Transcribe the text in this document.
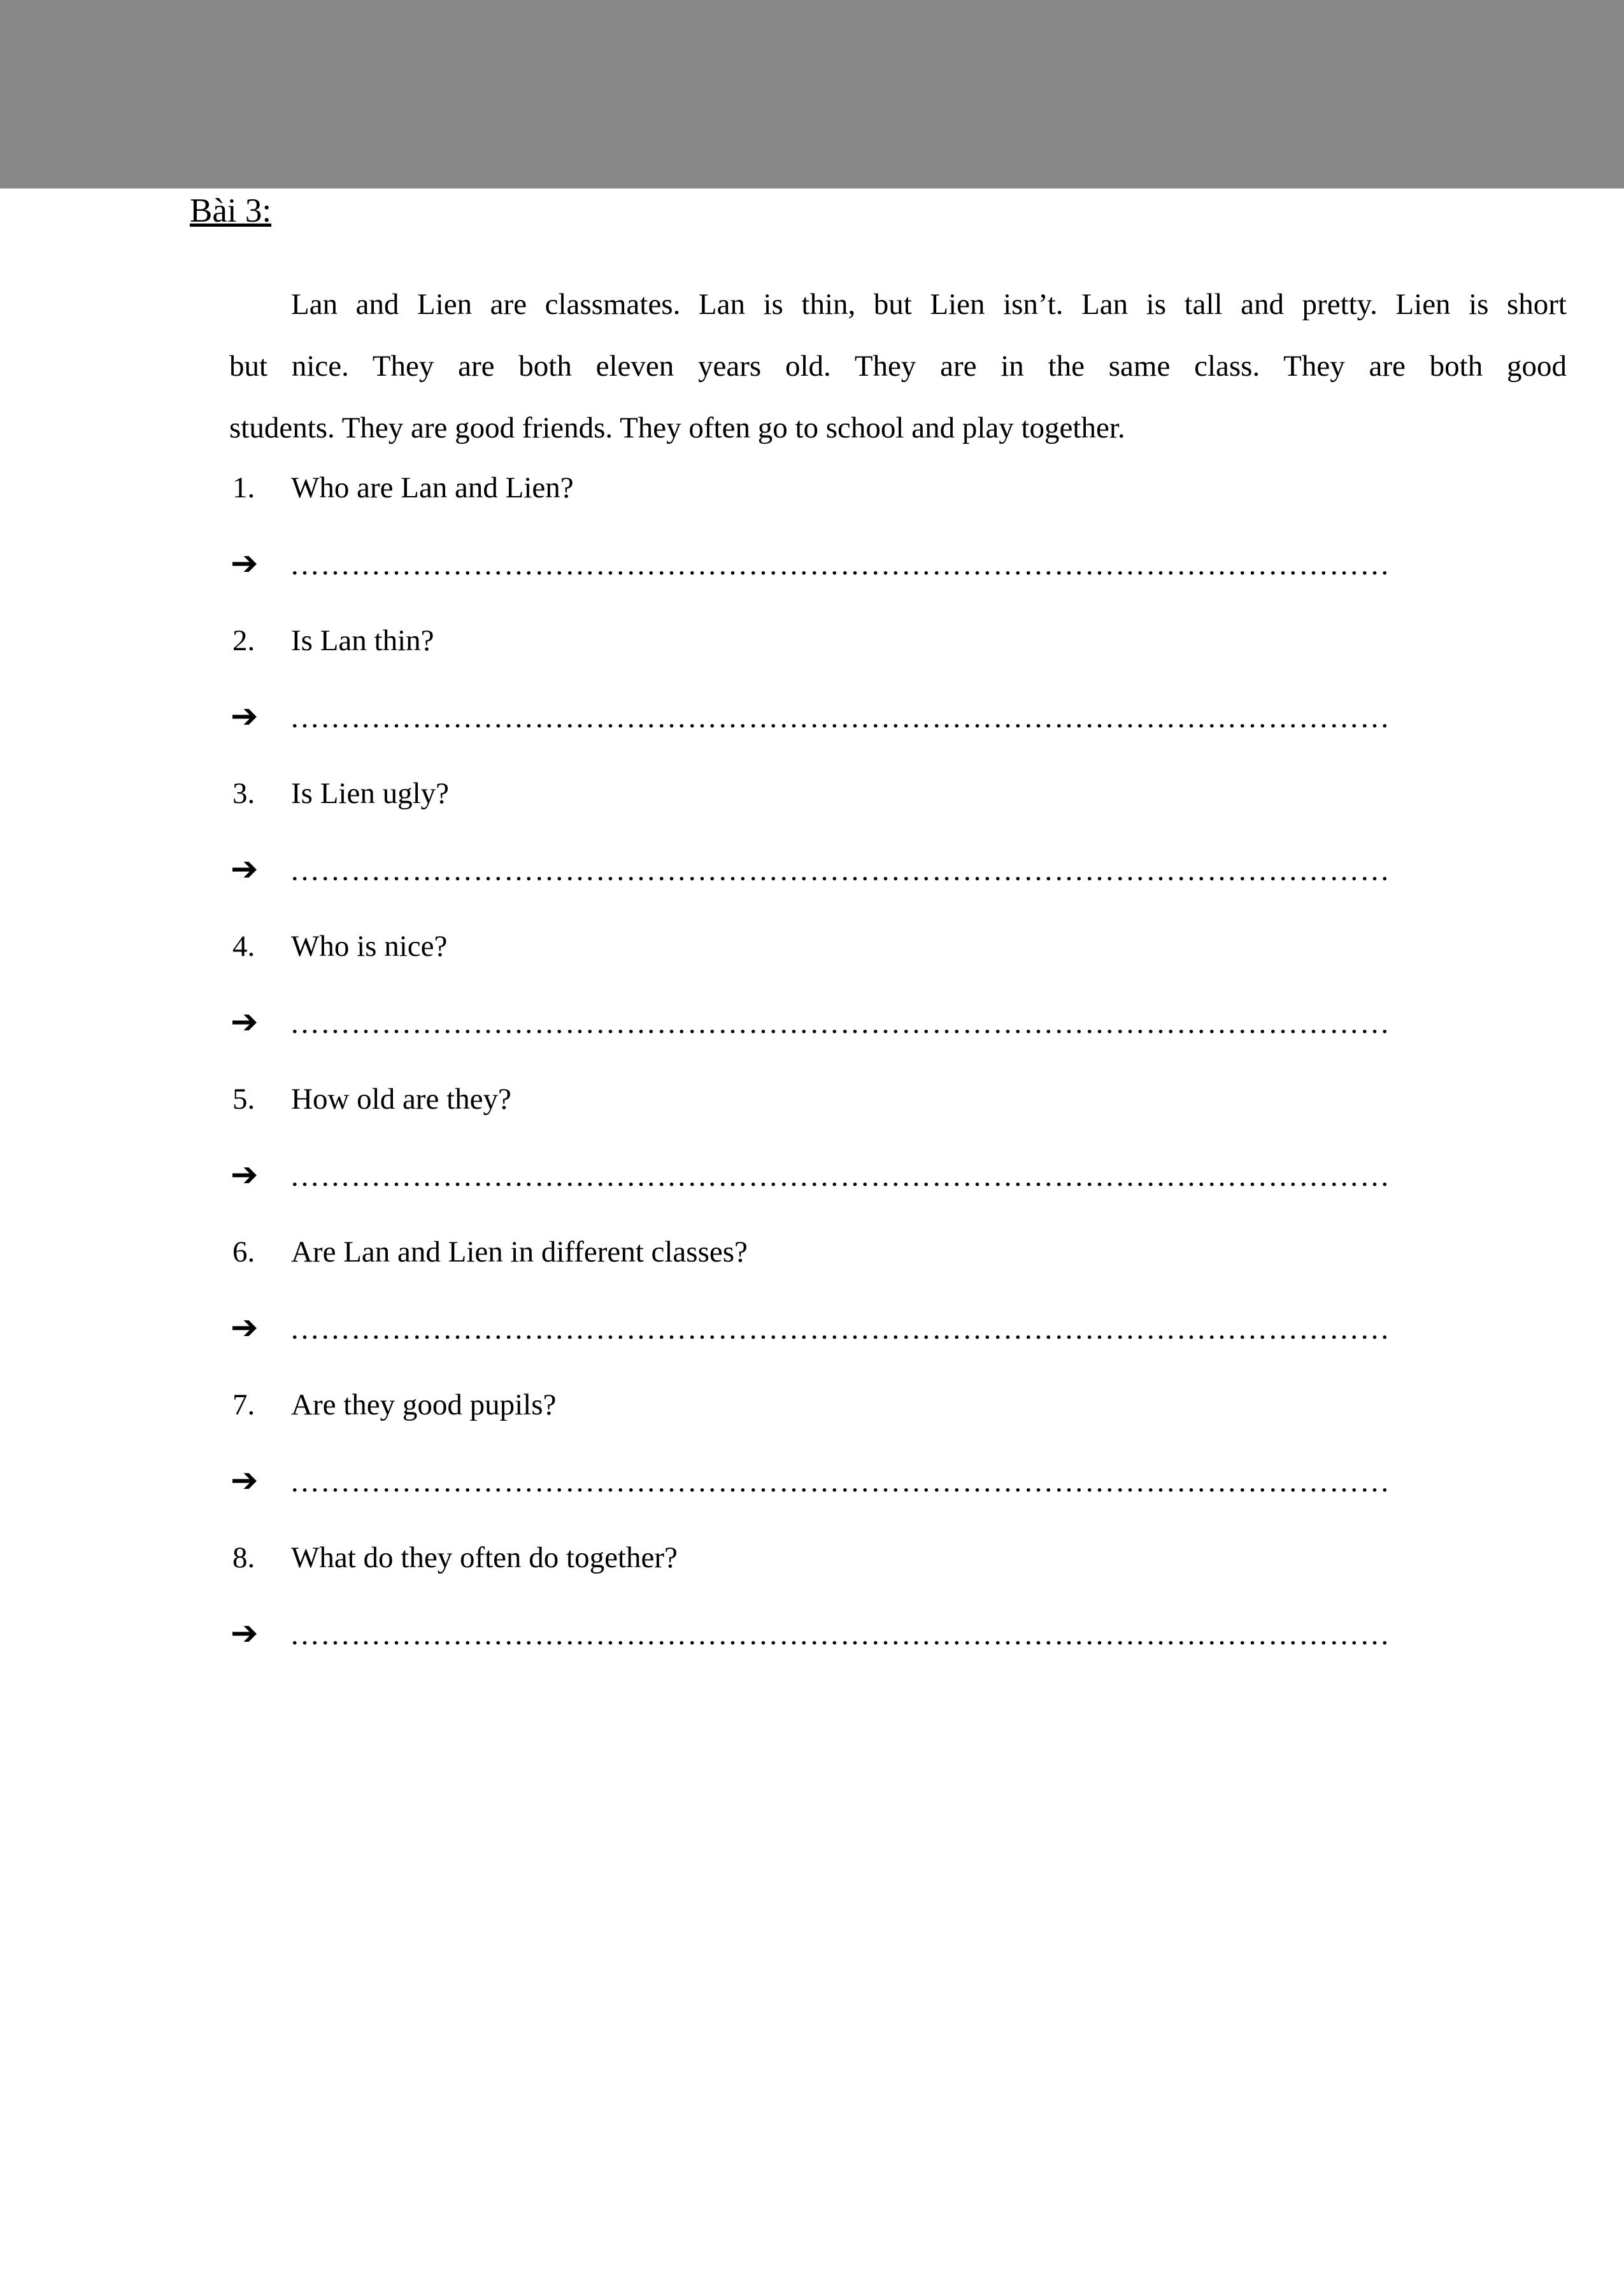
Bài 3:
Lan and Lien are classmates. Lan is thin, but Lien isn’t. Lan is tall and pretty. Lien is short
but nice. They are both eleven years old. They are in the same class. They are both good
students. They are good friends. They often go to school and play together.
1. Who are Lan and Lien?
➔ ………………………………………………………………………………………………
2. Is Lan thin?
➔ ………………………………………………………………………………………………
3. Is Lien ugly?
➔ ………………………………………………………………………………………………
4. Who is nice?
➔ ………………………………………………………………………………………………
5. How old are they?
➔ ………………………………………………………………………………………………
6. Are Lan and Lien in different classes?
➔ ………………………………………………………………………………………………
7. Are they good pupils?
➔ ………………………………………………………………………………………………
8. What do they often do together?
➔ ………………………………………………………………………………………………
